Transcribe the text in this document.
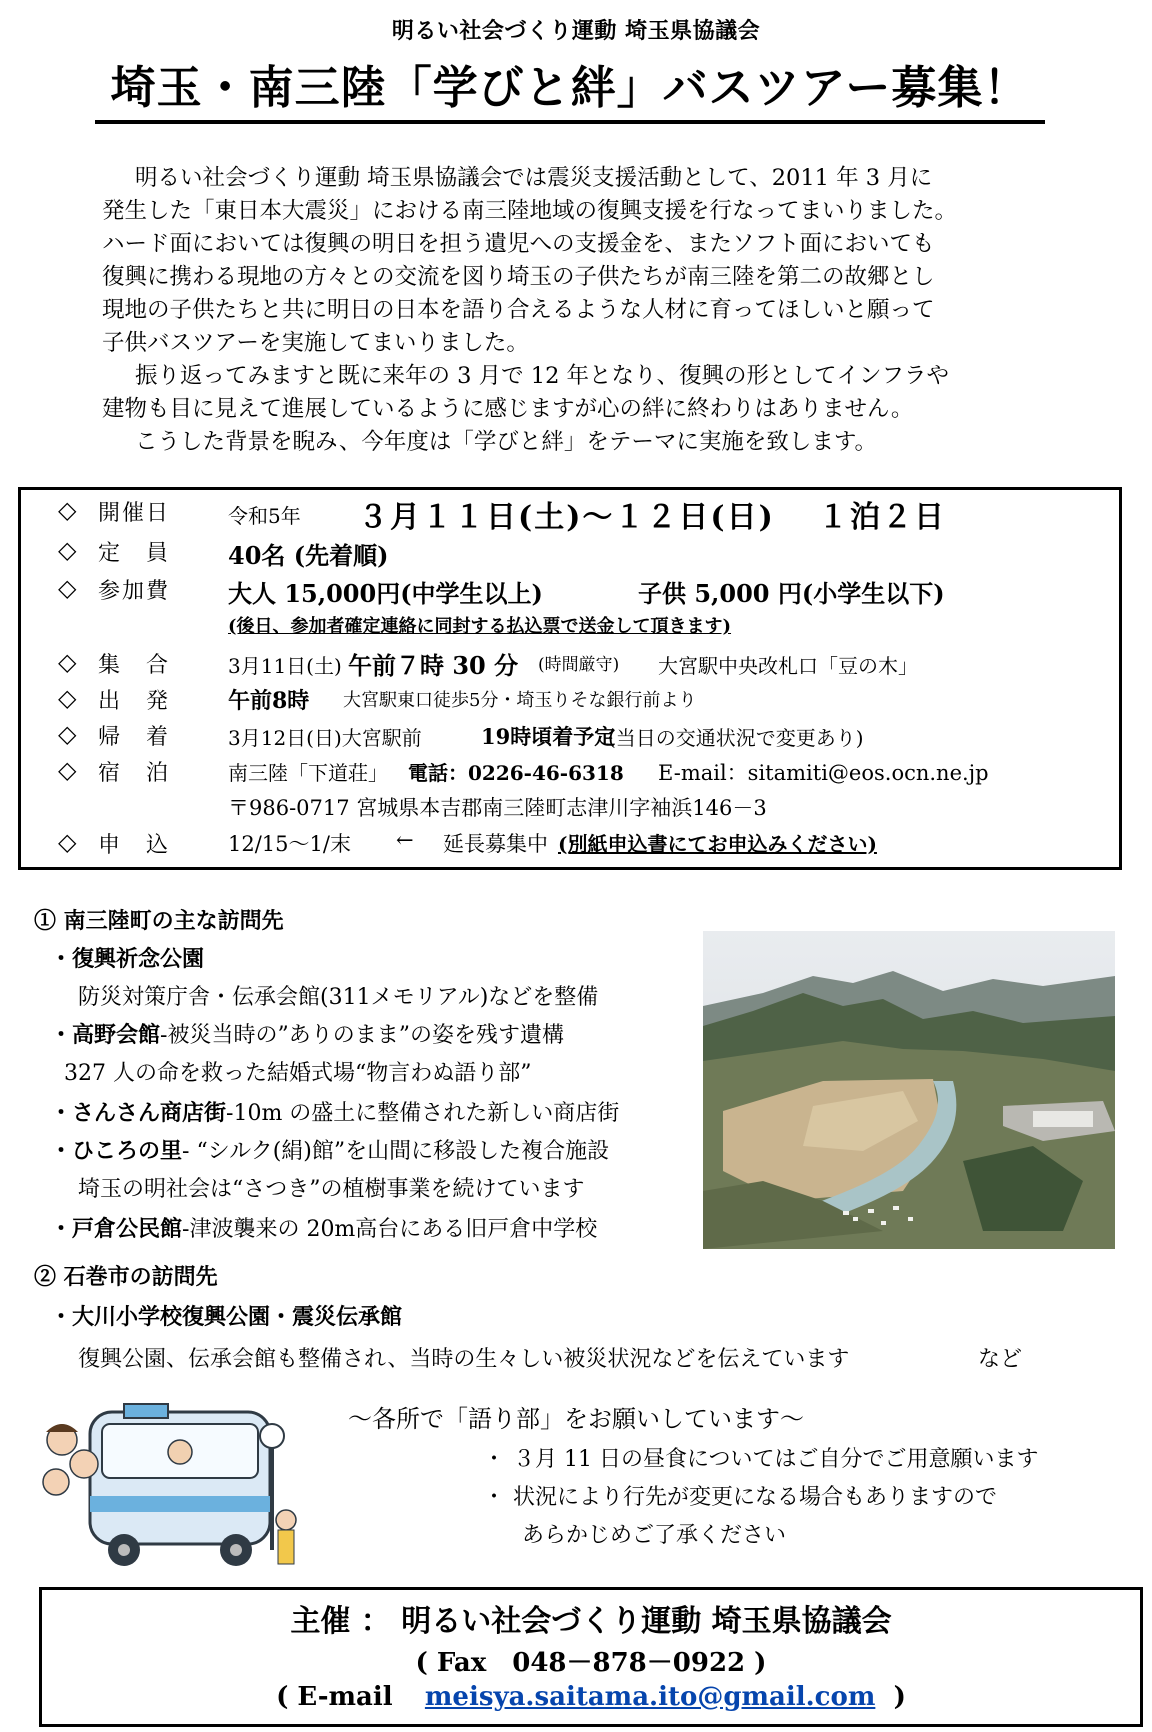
明るい社会づくり運動 埼玉県協議会
埼玉・南三陸「学びと絆」バスツアー募集！

明るい社会づくり運動 埼玉県協議会では震災支援活動として、2011 年 3 月に

発生した「東日本大震災」における南三陸地域の復興支援を行なってまいりました。

ハード面においては復興の明日を担う遺児への支援金を、またソフト面においても

復興に携わる現地の方々との交流を図り埼玉の子供たちが南三陸を第二の故郷とし

現地の子供たちと共に明日の日本を語り合えるような人材に育ってほしいと願って

子供バスツアーを実施してまいりました。

振り返ってみますと既に来年の 3 月で 12 年となり、復興の形としてインフラや

建物も目に見えて進展しているように感じますが心の絆に終わりはありません。

こうした背景を睨み、今年度は「学びと絆」をテーマに実施を致します。

◇ 開催日	令和5年 ３月１１日(土)～１２日(日) １泊２日
◇ 定　員 40名 (先着順)
◇ 参加費 大人 15,000円(中学生以上)	子供 5,000 円(小学生以下)
(後日、参加者確定連絡に同封する払込票で送金して頂きます)
◇ 集　合	3月11日(土) 午前７時 30 分 (時間厳守) 大宮駅中央改札口「豆の木」
◇ 出　発	午前8時 大宮駅東口徒歩5分・埼玉りそな銀行前より
◇ 帰　着	3月12日(日)大宮駅前	19時頃着予定
(当日の交通状況で変更あり)
◇ 宿　泊	南三陸「下道荘」 電話：0226-46-6318 E-mail：sitamiti@eos.ocn.ne.jp
〒986-0717 宮城県本吉郡南三陸町志津川字袖浜146－3
◇ 申　込	12/15～1/末 ← 延長募集中 (別紙申込書にてお申込みください)
① 南三陸町の主な訪問先
・復興祈念公園
防災対策庁舎・伝承会館(311メモリアル)などを整備
・高野会館-被災当時の”ありのまま”の姿を残す遺構
327 人の命を救った結婚式場“物言わぬ語り部”
・さんさん商店街-10m の盛土に整備された新しい商店街
・ひころの里- “シルク(絹)館”を山間に移設した複合施設
埼玉の明社会は“さつき”の植樹事業を続けています
・戸倉公民館-津波襲来の 20m高台にある旧戸倉中学校
② 石巻市の訪問先
・大川小学校復興公園・震災伝承館
復興公園、伝承会館も整備され、当時の生々しい被災状況などを伝えています	など
～各所で「語り部」をお願いしています～
・ ３月 11 日の昼食についてはご自分でご用意願います
・ 状況により行先が変更になる場合もありますので
あらかじめご了承ください
主催 ： 明るい社会づくり運動 埼玉県協議会
( Fax　048－878－0922 )
( E-mail meisya.saitama.ito@gmail.com )
